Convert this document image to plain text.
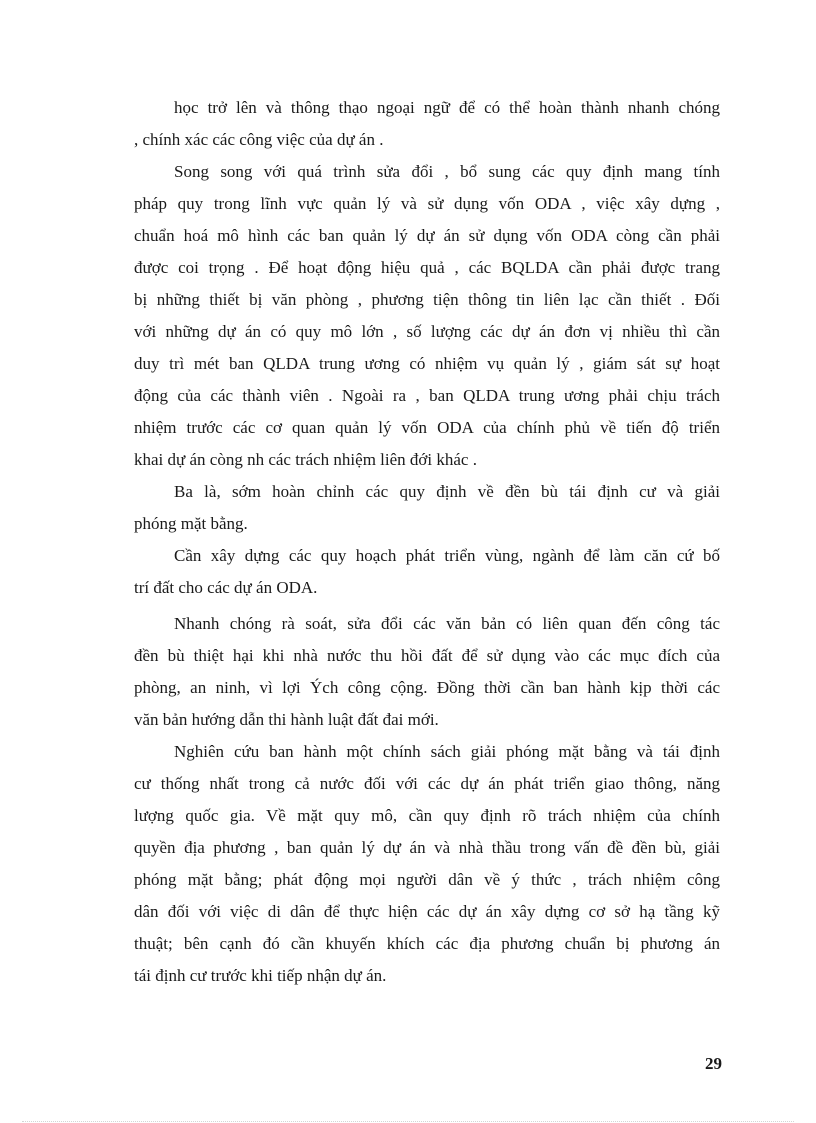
học trở lên và thông thạo ngoại ngữ để có thể hoàn thành nhanh chóng
, chính xác các công việc của dự án .
Song song với quá trình sửa đổi , bổ sung các quy định mang tính
pháp quy trong lĩnh vực quản lý và sử dụng vốn ODA , việc xây dựng ,
chuẩn hoá mô hình các ban quản lý dự án sử dụng vốn ODA còng cần phải
được coi trọng . Để hoạt động hiệu quả , các BQLDA cần phải được trang
bị những thiết bị văn phòng , phương tiện thông tin liên lạc cần thiết . Đối
với những dự án có quy mô lớn , số lượng các dự án đơn vị nhiều thì cần
duy trì mét ban QLDA trung ương có nhiệm vụ quản lý , giám sát sự hoạt
động của các thành viên . Ngoài ra , ban QLDA trung ương phải chịu trách
nhiệm trước các cơ quan quản lý vốn ODA của chính phủ về tiến độ triển
khai dự án còng nh các trách nhiệm liên đới khác .
Ba là, sớm hoàn chỉnh các quy định về đền bù tái định cư và giải
phóng mặt bằng.
Cần xây dựng các quy hoạch phát triển vùng, ngành để làm căn cứ bố
trí đất cho các dự án ODA.
Nhanh chóng rà soát, sửa đổi các văn bản có liên quan đến công tác
đền bù thiệt hại khi nhà nước thu hồi đất để sử dụng vào các mục đích của
phòng, an ninh, vì lợi Ých công cộng. Đồng thời cần ban hành kịp thời các
văn bản hướng dẫn thi hành luật đất đai mới.
Nghiên cứu ban hành một chính sách giải phóng mặt bằng và tái định
cư thống nhất trong cả nước đối với các dự án phát triển giao thông, năng
lượng quốc gia. Về mặt quy mô, cần quy định rõ trách nhiệm của chính
quyền địa phương , ban quản lý dự án và nhà thầu trong vấn đề đền bù, giải
phóng mặt bằng; phát động mọi người dân về ý thức , trách nhiệm công
dân đối với việc di dân để thực hiện các dự án xây dựng cơ sở hạ tầng kỹ
thuật; bên cạnh đó cần khuyến khích các địa phương chuẩn bị phương án
tái định cư trước khi tiếp nhận dự án.
29
